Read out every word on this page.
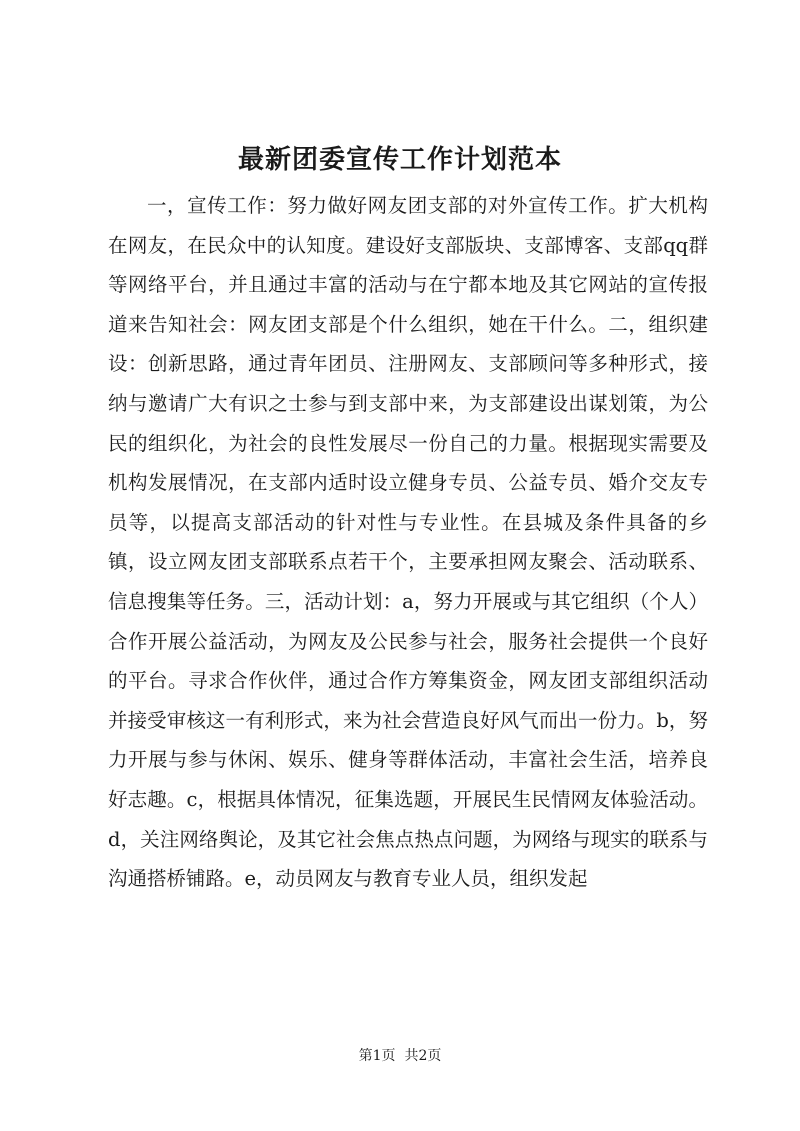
最新团委宣传工作计划范本

一，宣传工作：努力做好网友团支部的对外宣传工作。扩大机构在网友，在民众中的认知度。建设好支部版块、支部博客、支部qq群等网络平台，并且通过丰富的活动与在宁都本地及其它网站的宣传报道来告知社会：网友团支部是个什么组织，她在干什么。二，组织建设：创新思路，通过青年团员、注册网友、支部顾问等多种形式，接纳与邀请广大有识之士参与到支部中来，为支部建设出谋划策，为公民的组织化，为社会的良性发展尽一份自己的力量。根据现实需要及机构发展情况，在支部内适时设立健身专员、公益专员、婚介交友专员等，以提高支部活动的针对性与专业性。在县城及条件具备的乡镇，设立网友团支部联系点若干个，主要承担网友聚会、活动联系、信息搜集等任务。三，活动计划：a，努力开展或与其它组织（个人）合作开展公益活动，为网友及公民参与社会，服务社会提供一个良好的平台。寻求合作伙伴，通过合作方筹集资金，网友团支部组织活动并接受审核这一有利形式，来为社会营造良好风气而出一份力。b，努力开展与参与休闲、娱乐、健身等群体活动，丰富社会生活，培养良好志趣。c，根据具体情况，征集选题，开展民生民情网友体验活动。d，关注网络舆论，及其它社会焦点热点问题，为网络与现实的联系与沟通搭桥铺路。e，动员网友与教育专业人员，组织发起

第1页  共2页
